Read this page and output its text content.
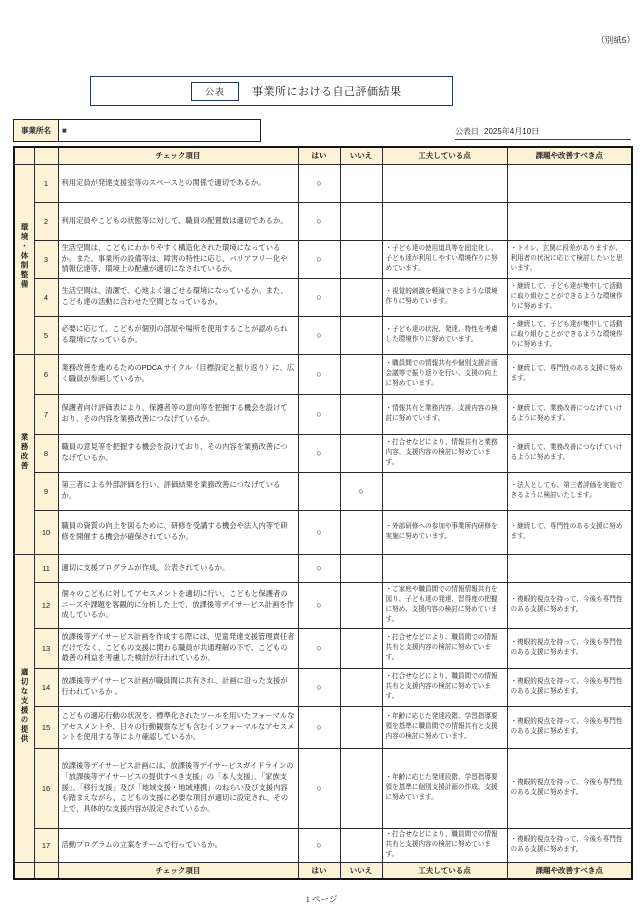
（別紙5）
公表	事業所における自己評価結果
事業所名	■	公表日 2025年4月10日
		チェック項目	はい	いいえ	工夫している点	課題や改善すべき点
環境・体制整備	1	利用定員が発達支援室等のスペースとの関係で適切であるか。	○			
	2	利用定員やこどもの状態等に対して、職員の配置数は適切であるか。	○			
	3	生活空間は、こどもにわかりやすく構造化された環境になっているか。また、事業所の設備等は、障害の特性に応じ、バリアフリー化や情報伝達等、環境上の配慮が適切になされているか。	○		・子ども達の使用道具等を固定化し、子ども達が利用しやすい環境作りに努めています。	・トイレ、玄関に段差がありますが、利用者の状況に応じて検討したいと思います。
	4	生活空間は、清潔で、心地よく過ごせる環境になっているか。また、こども達の活動に合わせた空間となっているか。	○		・視覚的刺激を軽減できるような環境作りに努めています。	・継続して、子ども達が集中して活動に取り組むことができるような環境作りに努めます。
	5	必要に応じて、こどもが個別の部屋や場所を使用することが認められる環境になっているか。	○		・子ども達の状況、発達、特性を考慮した環境作りに努めています。	・継続して、子ども達が集中して活動に取り組むことができるような環境作りに努めます。
業務改善	6	業務改善を進めるためのPDCA サイクル（目標設定と振り返り）に、広く職員が参画しているか。	○		・職員間での情報共有や個別支援計画会議等で振り返りを行い、支援の向上に努めています。	・継続して、専門性のある支援に努めます。
	7	保護者向け評価表により、保護者等の意向等を把握する機会を設けており、その内容を業務改善につなげているか。	○		・情報共有と業務内容、支援内容の検討に努めています。	・継続して、業務改善につなげていけるように努めます。
	8	職員の意見等を把握する機会を設けており、その内容を業務改善につなげているか。	○		・打合せなどにより、情報共有と業務内容、支援内容の検討に努めています。	・継続して、業務改善につなげていけるように努めます。
	9	第三者による外部評価を行い、評価結果を業務改善につなげているか。		○		・法人としても、第三者評価を実施できるように検討いたします。
	10	職員の資質の向上を図るために、研修を受講する機会や法人内等で研修を開催する機会が確保されているか。	○		・外部研修への参加や事業所内研修を実施に努めています。	・継続して、専門性のある支援に努めます。
適切な支援の提供	11	適切に支援プログラムが作成、公表されているか。	○			
	12	個々のこどもに対してアセスメントを適切に行い、こどもと保護者のニーズや課題を客観的に分析した上で、放課後等デイサービス計画を作成しているか。	○		・ご家庭や職員間での情報情報共有を図り、子ども達の発達、習得度の把握に努め、支援内容の検討に努めています。	・複眼的視点を持って、今後も専門性のある支援に努めます。
	13	放課後等デイサービス計画を作成する際には、児童発達支援管理責任者だけでなく、こどもの支援に関わる職員が共通理解の下で、こどもの最善の利益を考慮した検討が行われているか。	○		・打合せなどにより、職員間での情報共有と支援内容の検討に努めています。	・複眼的視点を持って、今後も専門性のある支援に努めます。
	14	放課後等デイサービス計画が職員間に共有され、計画に沿った支援が行われているか 。	○		・打合せなどにより、職員間での情報共有と支援内容の検討に努めています。	・複眼的視点を持って、今後も専門性のある支援に努めます。
	15	こどもの適応行動の状況を、標準化されたツールを用いたフォーマルなアセスメントや、日々の行動観察なども含むインフォーマルなアセスメントを使用する等により確認しているか。	○		・年齢に応じた発達段階、学習指導要領を基準に職員間での情報共有と支援内容の検討に努めています。	・複眼的視点を持って、今後も専門性のある支援に努めます。
	16	放課後等デイサービス計画には、放課後等デイサービスガイドラインの「放課後等デイサービスの提供すべき支援」の「本人支援」、「家族支援」、「移行支援」及び「地域支援・地域連携」のねらい及び支援内容も踏まえながら、こどもの支援に必要な項目が適切に設定され、その上で、具体的な支援内容が設定されているか。	○		・年齢に応じた発達段階、学習指導要領を基準に個別支援計画の作成、支援に努めています。	・複眼的視点を持って、今後も専門性のある支援に努めます。
	17	活動プログラムの立案をチームで行っているか。	○		・打合せなどにより、職員間での情報共有と支援内容の検討に努めています。	・複眼的視点を持って、今後も専門性のある支援に努めます。
		チェック項目	はい	いいえ	工夫している点	課題や改善すべき点
1 ページ
